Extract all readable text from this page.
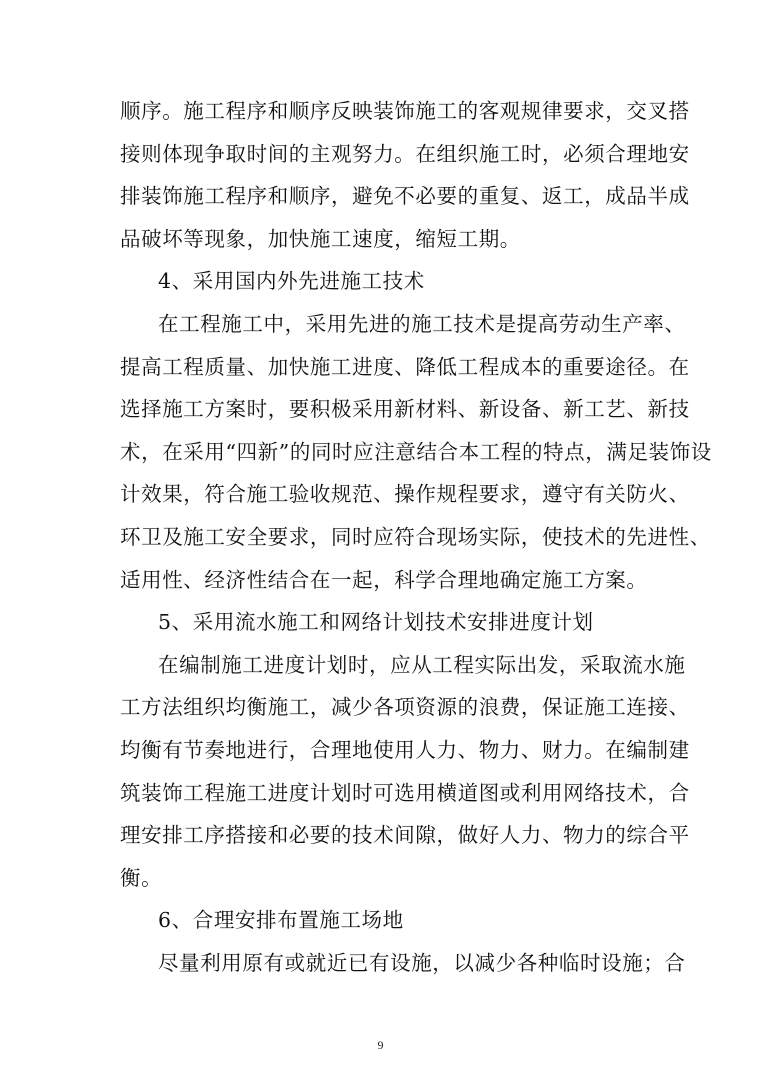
顺序。施工程序和顺序反映装饰施工的客观规律要求，交叉搭
接则体现争取时间的主观努力。在组织施工时，必须合理地安
排装饰施工程序和顺序，避免不必要的重复、返工，成品半成
品破坏等现象，加快施工速度，缩短工期。
4、采用国内外先进施工技术
在工程施工中，采用先进的施工技术是提高劳动生产率、
提高工程质量、加快施工进度、降低工程成本的重要途径。在
选择施工方案时，要积极采用新材料、新设备、新工艺、新技
术，在采用“四新”的同时应注意结合本工程的特点，满足装饰设
计效果，符合施工验收规范、操作规程要求，遵守有关防火、
环卫及施工安全要求，同时应符合现场实际，使技术的先进性、
适用性、经济性结合在一起，科学合理地确定施工方案。
5、采用流水施工和网络计划技术安排进度计划
在编制施工进度计划时，应从工程实际出发，采取流水施
工方法组织均衡施工，减少各项资源的浪费，保证施工连接、
均衡有节奏地进行，合理地使用人力、物力、财力。在编制建
筑装饰工程施工进度计划时可选用横道图或利用网络技术，合
理安排工序搭接和必要的技术间隙，做好人力、物力的综合平
衡。
6、合理安排布置施工场地
尽量利用原有或就近已有设施，以减少各种临时设施；合
9
